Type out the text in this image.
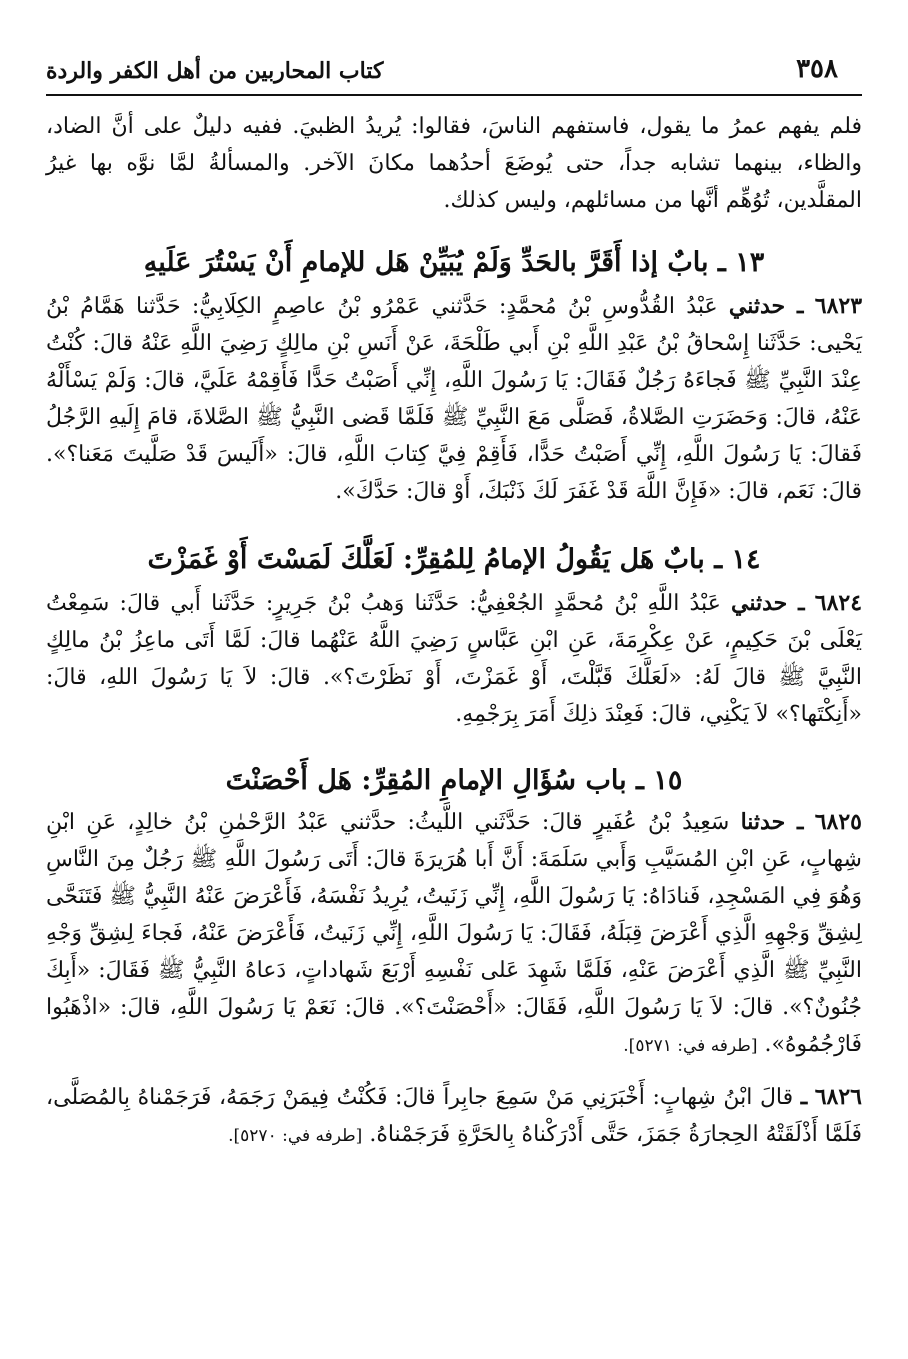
٣٥٨
كتاب المحاربين من أهل الكفر والردة

فلم يفهم عمرُ ما يقول، فاستفهم الناسَ، فقالوا: يُريدُ الظبيَ. ففيه دليلٌ على أنَّ الضاد، والظاء، بينهما تشابه جداً، حتى يُوضَعَ أحدُهما مكانَ الآخر. والمسألةُ لمَّا نوَّه بها غيرُ المقلَّدين، تُوُهِّم أنَّها من مسائلهم، وليس كذلك.

١٣ ـ بابٌ إذا أَقَرَّ بالحَدِّ وَلَمْ يُبَيِّنْ هَل للإمامِ أَنْ يَسْتُرَ عَلَيهِ

٦٨٢٣ ـ حدثني عَبْدُ القُدُّوسِ بْنُ مُحمَّدٍ: حَدَّثني عَمْرُو بْنُ عاصِمٍ الكِلَابِيُّ: حَدَّثنا هَمَّامُ بْنُ يَحْيى: حَدَّثَنا إِسْحاقُ بْنُ عَبْدِ اللَّهِ بْنِ أَبي طَلْحَةَ، عَنْ أَنَسِ بْنِ مالِكٍ رَضِيَ اللَّهِ عَنْهُ قالَ: كُنْتُ عِنْدَ النَّبِيِّ ﷺ فَجاءَهُ رَجُلٌ فَقَالَ: يَا رَسُولَ اللَّهِ، إِنِّي أَصَبْتُ حَدًّا فَأَقِمْهُ عَلَيَّ، قالَ: وَلَمْ يَسْأَلْهُ عَنْهُ، قالَ: وَحَضَرَتِ الصَّلاةُ، فَصَلَّى مَعَ النَّبِيِّ ﷺ فَلَمَّا قَضى النَّبِيُّ ﷺ الصَّلاةَ، قامَ إِلَيهِ الرَّجُلُ فَقالَ: يَا رَسُولَ اللَّهِ، إِنِّي أَصَبْتُ حَدًّا، فَأَقِمْ فِيَّ كِتابَ اللَّهِ، قالَ: «أَلَيسَ قَدْ صَلَّيتَ مَعَنا؟». قالَ: نَعَم، قالَ: «فَإِنَّ اللَّهَ قَدْ غَفَرَ لَكَ ذَنْبَكَ، أَوْ قالَ: حَدَّكَ».

١٤ ـ بابٌ هَل يَقُولُ الإمامُ لِلمُقِرِّ: لَعَلَّكَ لَمَسْتَ أَوْ غَمَزْتَ

٦٨٢٤ ـ حدثني عَبْدُ اللَّهِ بْنُ مُحمَّدٍ الجُعْفِيُّ: حَدَّثَنا وَهبُ بْنُ جَرِيرٍ: حَدَّثَنا أَبي قالَ: سَمِعْتُ يَعْلَى بْنَ حَكِيمٍ، عَنْ عِكْرِمَةَ، عَنِ ابْنِ عَبَّاسٍ رَضِيَ اللَّهُ عَنْهُما قالَ: لَمَّا أَتَى ماعِزُ بْنُ مالِكٍ النَّبِيَّ ﷺ قالَ لَهُ: «لَعَلَّكَ قَبَّلْتَ، أَوْ غَمَزْتَ، أَوْ نَظَرْتَ؟». قالَ: لاَ يَا رَسُولَ اللهِ، قالَ: «أَنِكْتَها؟» لاَ يَكْنِي، قالَ: فَعِنْدَ ذلِكَ أَمَرَ بِرَجْمِهِ.

١٥ ـ باب سُؤَالِ الإمامِ المُقِرِّ: هَل أَحْصَنْتَ

٦٨٢٥ ـ حدثنا سَعِيدُ بْنُ عُفَيرٍ قالَ: حَدَّثَني اللَّيثُ: حدَّثني عَبْدُ الرَّحْمٰنِ بْنُ خالِدٍ، عَنِ ابْنِ شِهابٍ، عَنِ ابْنِ المُسَيَّبِ وَأَبي سَلَمَةَ: أَنَّ أَبا هُرَيرَةَ قالَ: أَتَى رَسُولَ اللَّهِ ﷺ رَجُلٌ مِنَ النَّاسِ وَهُوَ فِي المَسْجِدِ، فَنادَاهُ: يَا رَسُولَ اللَّهِ، إِنِّي زَنَيتُ، يُرِيدُ نَفْسَهُ، فَأَعْرَضَ عَنْهُ النَّبِيُّ ﷺ فَتَنَحَّى لِشِقِّ وَجْهِهِ الَّذِي أَعْرَضَ قِبَلَهُ، فَقَالَ: يَا رَسُولَ اللَّهِ، إِنِّي زَنَيتُ، فَأَعْرَضَ عَنْهُ، فَجاءَ لِشِقِّ وَجْهِ النَّبِيِّ ﷺ الَّذِي أَعْرَضَ عَنْهِ، فَلَمَّا شَهِدَ عَلى نَفْسِهِ أَرْبَعَ شَهاداتٍ، دَعاهُ النَّبِيُّ ﷺ فَقَالَ: «أَبِكَ جُنُونٌ؟». قالَ: لاَ يَا رَسُولَ اللَّهِ، فَقَالَ: «أَحْصَنْتَ؟». قالَ: نَعَمْ يَا رَسُولَ اللَّهِ، قالَ: «اذْهَبُوا فَارْجُمُوهُ». [طرفه في: ٥٢٧١].

٦٨٢٦ ـ قالَ ابْنُ شِهابٍ: أَخْبَرَنِي مَنْ سَمِعَ جابِراً قالَ: فَكُنْتُ فِيمَنْ رَجَمَهُ، فَرَجَمْناهُ بِالمُصَلَّى، فَلَمَّا أَذْلَقَتْهُ الحِجارَةُ جَمَزَ، حَتَّى أَدْرَكْناهُ بِالحَرَّةِ فَرَجَمْناهُ. [طرفه في: ٥٢٧٠].
